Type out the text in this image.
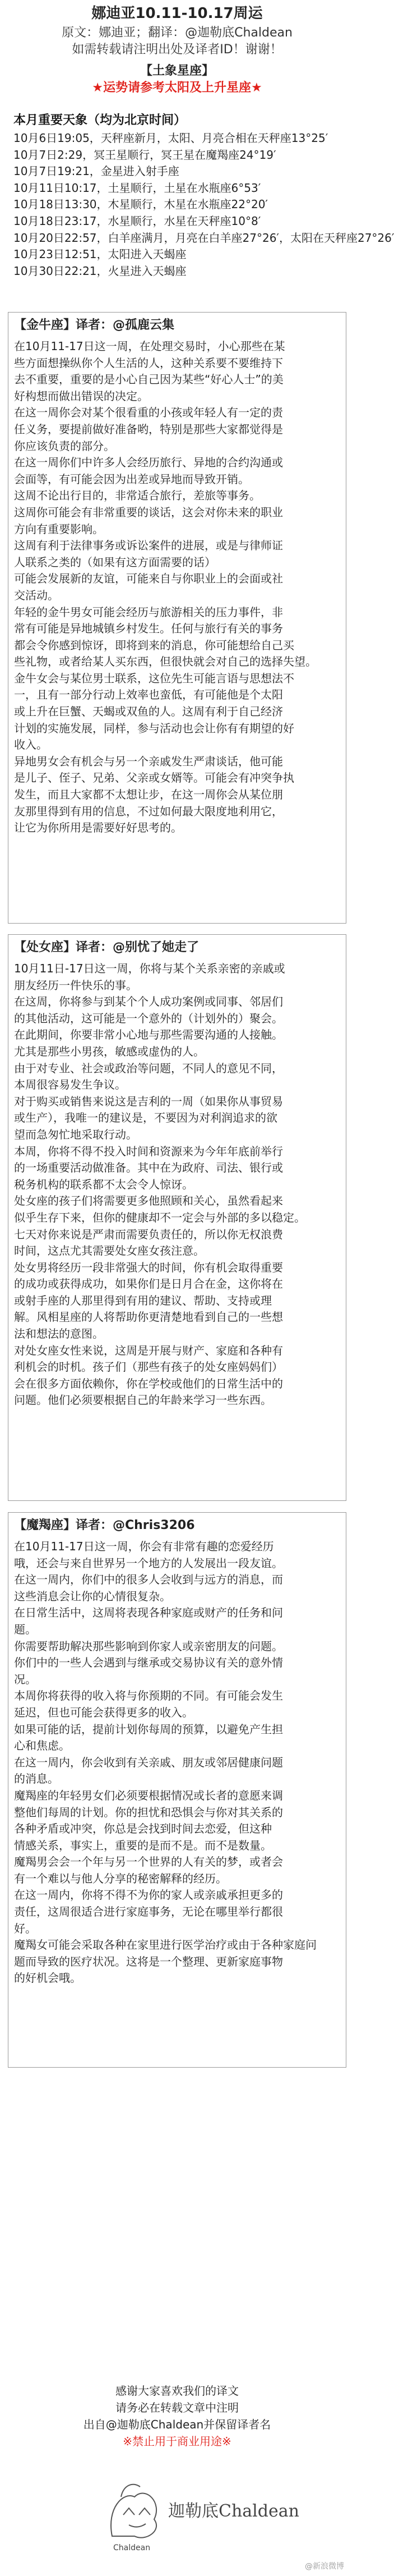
娜迪亚10.11-10.17周运
原文：娜迪亚；翻译：@迦勒底Chaldean
如需转载请注明出处及译者ID！谢谢！
【土象星座】
★运势请参考太阳及上升星座★
本月重要天象（均为北京时间）
10月6日19:05，天秤座新月，太阳、月亮合相在天秤座13°25′
10月7日2:29，冥王星顺行，冥王星在魔羯座24°19′
10月7日19:21，金星进入射手座
10月11日10:17，土星顺行，土星在水瓶座6°53′
10月18日13:30，木星顺行，木星在水瓶座22°20′
10月18日23:17，水星顺行，水星在天秤座10°8′
10月20日22:57，白羊座满月，月亮在白羊座27°26′，太阳在天秤座27°26′
10月23日12:51，太阳进入天蝎座
10月30日22:21，火星进入天蝎座
【金牛座】译者：@孤鹿云集
在10月11-17日这一周，在处理交易时，小心那些在某
些方面想操纵你个人生活的人，这种关系要不要维持下
去不重要，重要的是小心自己因为某些“好心人士”的美
好构想而做出错误的决定。
在这一周你会对某个很看重的小孩或年轻人有一定的责
任义务，要提前做好准备哟，特别是那些大家都觉得是
你应该负责的部分。
在这一周你们中许多人会经历旅行、异地的合约沟通或
会面等，有可能会因为出差或异地而导致开销。
这周不论出行目的，非常适合旅行，差旅等事务。
这周你可能会有非常重要的谈话，这会对你未来的职业
方向有重要影响。
这周有利于法律事务或诉讼案件的进展，或是与律师证
人联系之类的（如果有这方面需要的话）
可能会发展新的友谊，可能来自与你职业上的会面或社
交活动。
年轻的金牛男女可能会经历与旅游相关的压力事件，非
常有可能是异地城镇乡村发生。任何与旅行有关的事务
都会令你感到惊讶，即将到来的消息，你可能想给自己买
些礼物，或者给某人买东西，但很快就会对自己的选择失望。
金牛女会与某位男士联系，这位先生可能言语与思想法不
一，且有一部分行动上效率也蛮低，有可能他是个太阳
或上升在巨蟹、天蝎或双鱼的人。这周有利于自己经济
计划的实施发展，同样，参与活动也会让你有有期望的好
收入。
异地男女会有机会与另一个亲戚发生严肃谈话，他可能
是儿子、侄子、兄弟、父亲或女婿等。可能会有冲突争执
发生，而且大家都不太想让步，在这一周你会从某位朋
友那里得到有用的信息，不过如何最大限度地利用它，
让它为你所用是需要好好思考的。
【处女座】译者：@别忧了她走了
10月11日-17日这一周，你将与某个关系亲密的亲戚或
朋友经历一件快乐的事。
在这周，你将参与到某个个人成功案例或同事、邻居们
的其他活动，这可能是一个意外的（计划外的）聚会。
在此期间，你要非常小心地与那些需要沟通的人接触。
尤其是那些小男孩，敏感或虚伪的人。
由于对专业、社会或政治等问题，不同人的意见不同，
本周很容易发生争议。
对于购买或销售来说这是吉利的一周（如果你从事贸易
或生产），我唯一的建议是，不要因为对利润追求的欲
望而急匆忙地采取行动。
本周，你将不得不投入时间和资源来为今年年底前举行
的一场重要活动做准备。其中在为政府、司法、银行或
税务机构的联系都不太会令人惊讶。
处女座的孩子们将需要更多他照顾和关心，虽然看起来
似乎生存下来，但你的健康却不一定会与外部的多以稳定。
七天对你来说是严肃而需要负责任的，所以你无权浪费
时间，这点尤其需要处女座女孩注意。
处女男将经历一段非常强大的时间，你有机会取得重要
的成功或获得成功，如果你们是日月合在金，这你将在
或射手座的人那里得到有用的建议、帮助、支持或理
解。风相星座的人将帮助你更清楚地看到自己的一些想
法和想法的意图。
对处女座女性来说，这周是开展与财产、家庭和各种有
利机会的时机。孩子们（那些有孩子的处女座妈妈们）
会在很多方面依赖你，你在学校或他们的日常生活中的
问题。他们必须要根据自己的年龄来学习一些东西。
【魔羯座】译者：@Chris3206
在10月11-17日这一周，你会有非常有趣的恋爱经历
哦，还会与来自世界另一个地方的人发展出一段友谊。
在这一周内，你们中的很多人会收到与远方的消息，而
这些消息会让你的心情很复杂。
在日常生活中，这周将表现各种家庭或财产的任务和问
题。
你需要帮助解决那些影响到你家人或亲密朋友的问题。
你们中的一些人会遇到与继承或交易协议有关的意外情
况。
本周你将获得的收入将与你预期的不同。有可能会发生
延迟，但也可能会获得更多的收入。
如果可能的话，提前计划你每周的预算，以避免产生担
心和焦虑。
在这一周内，你会收到有关亲戚、朋友或邻居健康问题
的消息。
魔羯座的年轻男女们必须要根据情况或长者的意愿来调
整他们每周的计划。你的担忧和恐惧会与你对其关系的
各种矛盾或冲突，你总是会找到时间去恋爱，但这种
情感关系，事实上，重要的是而不是。而不是数量。
魔羯男会会一个年与另一个世界的人有关的梦，或者会
有一个难以与他人分享的秘密解释的经历。
在这一周内，你将不得不为你的家人或亲戚承担更多的
责任，这周很适合进行家庭事务，无论在哪里举行都很
好。
魔羯女可能会采取各种在家里进行医学治疗或由于各种家庭问
题而导致的医疗状况。这将是一个整理、更新家庭事物
的好机会哦。
感谢大家喜欢我们的译文
请务必在转载文章中注明
出自@迦勒底Chaldean并保留译者名
※禁止用于商业用途※
迦勒底Chaldean
Chaldean
@新浪微博
